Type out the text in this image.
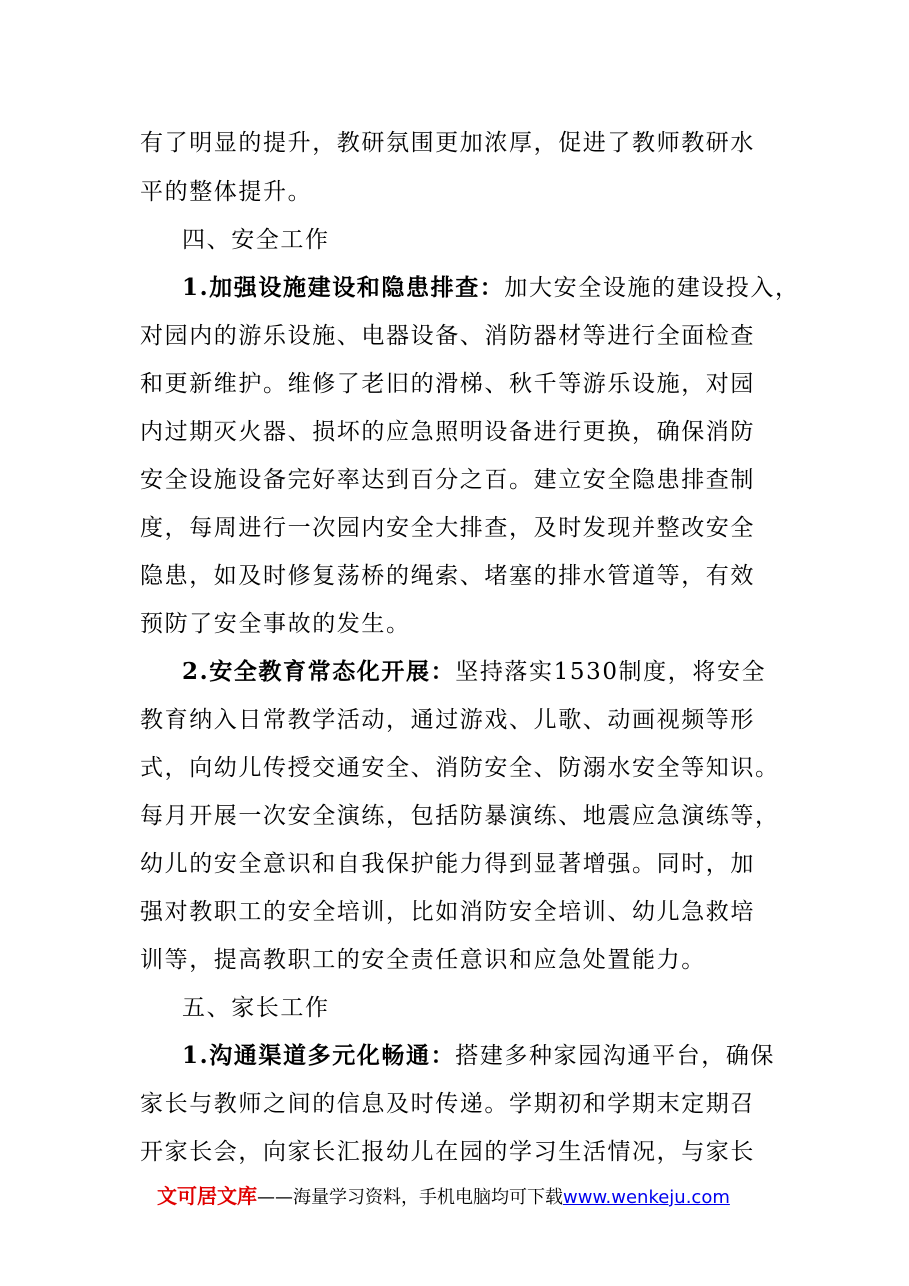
有了明显的提升，教研氛围更加浓厚，促进了教师教研水
平的整体提升。
四、安全工作
1.加强设施建设和隐患排查：加大安全设施的建设投入，
对园内的游乐设施、电器设备、消防器材等进行全面检查
和更新维护。维修了老旧的滑梯、秋千等游乐设施，对园
内过期灭火器、损坏的应急照明设备进行更换，确保消防
安全设施设备完好率达到百分之百。建立安全隐患排查制
度，每周进行一次园内安全大排查，及时发现并整改安全
隐患，如及时修复荡桥的绳索、堵塞的排水管道等，有效
预防了安全事故的发生。
2.安全教育常态化开展：坚持落实1530制度，将安全
教育纳入日常教学活动，通过游戏、儿歌、动画视频等形
式，向幼儿传授交通安全、消防安全、防溺水安全等知识。
每月开展一次安全演练，包括防暴演练、地震应急演练等，
幼儿的安全意识和自我保护能力得到显著增强。同时，加
强对教职工的安全培训，比如消防安全培训、幼儿急救培
训等，提高教职工的安全责任意识和应急处置能力。
五、家长工作
1.沟通渠道多元化畅通：搭建多种家园沟通平台，确保
家长与教师之间的信息及时传递。学期初和学期末定期召
开家长会，向家长汇报幼儿在园的学习生活情况，与家长
文可居文库——海量学习资料，手机电脑均可下载www.wenkeju.com
